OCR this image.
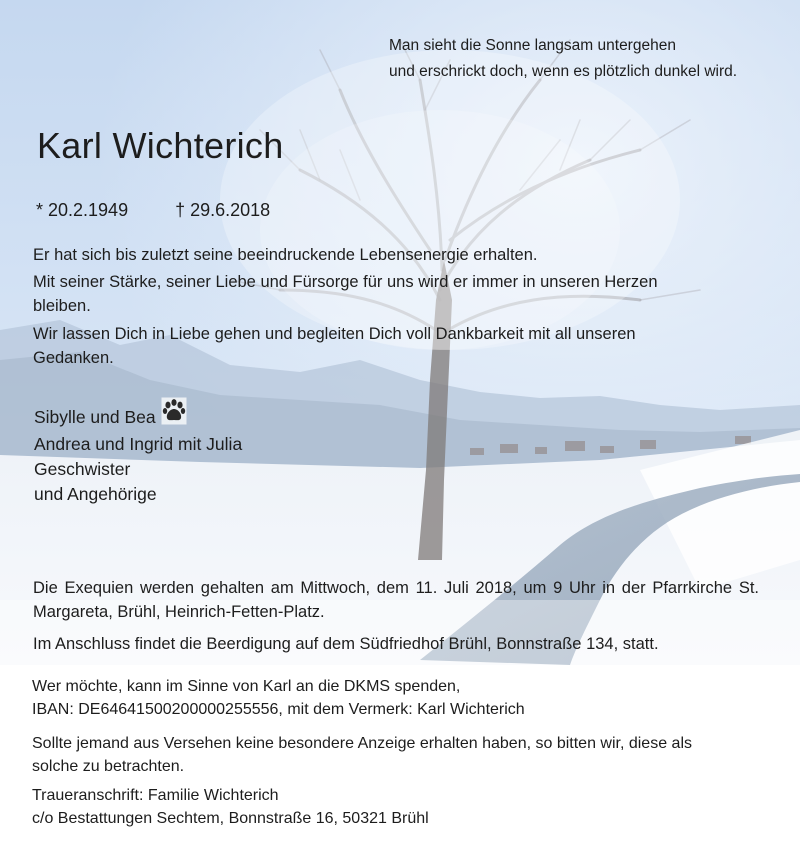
Man sieht die Sonne langsam untergehen
und erschrickt doch, wenn es plötzlich dunkel wird.

Karl Wichterich
* 20.2.1949	† 29.6.2018

Er hat sich bis zuletzt seine beeindruckende Lebensenergie erhalten.

Mit seiner Stärke, seiner Liebe und Fürsorge für uns wird er immer in unseren Herzen bleiben.

Wir lassen Dich in Liebe gehen und begleiten Dich voll Dankbarkeit mit all unseren Gedanken.

Sibylle und Bea
Andrea und Ingrid mit Julia
Geschwister
und Angehörige
Die Exequien werden gehalten am Mittwoch, dem 11. Juli 2018, um 9 Uhr in der Pfarrkirche St. Margareta, Brühl, Heinrich-Fetten-Platz.
Im Anschluss findet die Beerdigung auf dem Südfriedhof Brühl, Bonnstraße 134, statt.
Wer möchte, kann im Sinne von Karl an die DKMS spenden,
IBAN: DE64641500200000255556, mit dem Vermerk: Karl Wichterich
Sollte jemand aus Versehen keine besondere Anzeige erhalten haben, so bitten wir, diese als solche zu betrachten.
Traueranschrift: Familie Wichterich
c/o Bestattungen Sechtem, Bonnstraße 16, 50321 Brühl
